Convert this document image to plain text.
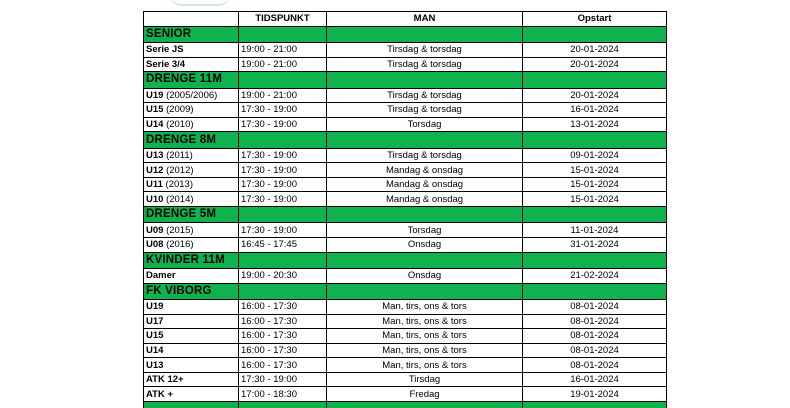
	TIDSPUNKT	MAN	Opstart
SENIOR			
Serie JS	19:00 - 21:00	Tirsdag & torsdag	20-01-2024
Serie 3/4	19:00 - 21:00	Tirsdag & torsdag	20-01-2024
DRENGE 11M			
U19 (2005/2006)	19:00 - 21:00	Tirsdag & torsdag	20-01-2024
U15 (2009)	17:30 - 19:00	Tirsdag & torsdag	16-01-2024
U14 (2010)	17:30 - 19:00	Torsdag	13-01-2024
DRENGE 8M			
U13 (2011)	17:30 - 19:00	Tirsdag & torsdag	09-01-2024
U12 (2012)	17:30 - 19:00	Mandag & onsdag	15-01-2024
U11 (2013)	17:30 - 19:00	Mandag & onsdag	15-01-2024
U10 (2014)	17:30 - 19:00	Mandag & onsdag	15-01-2024
DRENGE 5M			
U09 (2015)	17:30 - 19:00	Torsdag	11-01-2024
U08 (2016)	16:45 - 17:45	Onsdag	31-01-2024
KVINDER 11M			
Damer	19:00 - 20:30	Onsdag	21-02-2024
FK VIBORG			
U19	16:00 - 17:30	Man, tirs, ons & tors	08-01-2024
U17	16:00 - 17:30	Man, tirs, ons & tors	08-01-2024
U15	16:00 - 17:30	Man, tirs, ons & tors	08-01-2024
U14	16:00 - 17:30	Man, tirs, ons & tors	08-01-2024
U13	16:00 - 17:30	Man, tirs, ons & tors	08-01-2024
ATK 12+	17:30 - 19:00	Tirsdag	16-01-2024
ATK +	17:00 - 18:30	Fredag	19-01-2024
